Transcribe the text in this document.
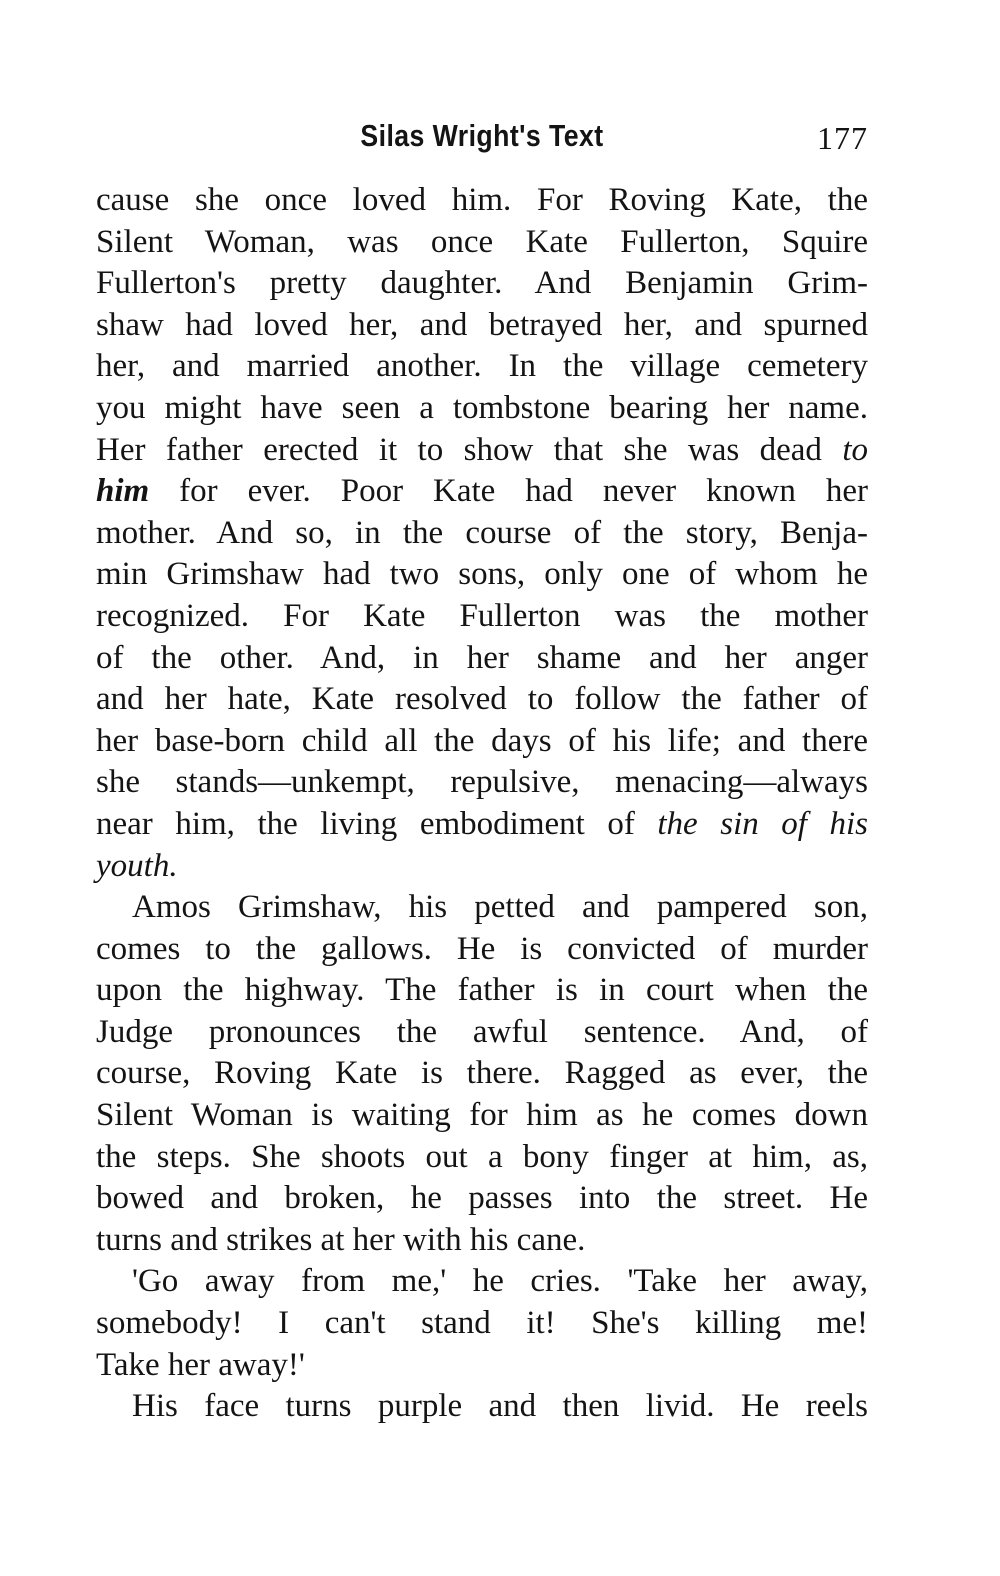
Silas Wright's Text	177
cause she once loved him. For Roving Kate, the
Silent Woman, was once Kate Fullerton, Squire
Fullerton's pretty daughter. And Benjamin Grim-
shaw had loved her, and betrayed her, and spurned
her, and married another. In the village cemetery
you might have seen a tombstone bearing her name.
Her father erected it to show that she was dead to
him for ever. Poor Kate had never known her
mother. And so, in the course of the story, Benja-
min Grimshaw had two sons, only one of whom he
recognized. For Kate Fullerton was the mother
of the other. And, in her shame and her anger
and her hate, Kate resolved to follow the father of
her base-born child all the days of his life; and there
she stands—unkempt, repulsive, menacing—always
near him, the living embodiment of the sin of his
youth.
Amos Grimshaw, his petted and pampered son,
comes to the gallows. He is convicted of murder
upon the highway. The father is in court when the
Judge pronounces the awful sentence. And, of
course, Roving Kate is there. Ragged as ever, the
Silent Woman is waiting for him as he comes down
the steps. She shoots out a bony finger at him, as,
bowed and broken, he passes into the street. He
turns and strikes at her with his cane.
'Go away from me,' he cries. 'Take her away,
somebody! I can't stand it! She's killing me!
Take her away!'
His face turns purple and then livid. He reels
